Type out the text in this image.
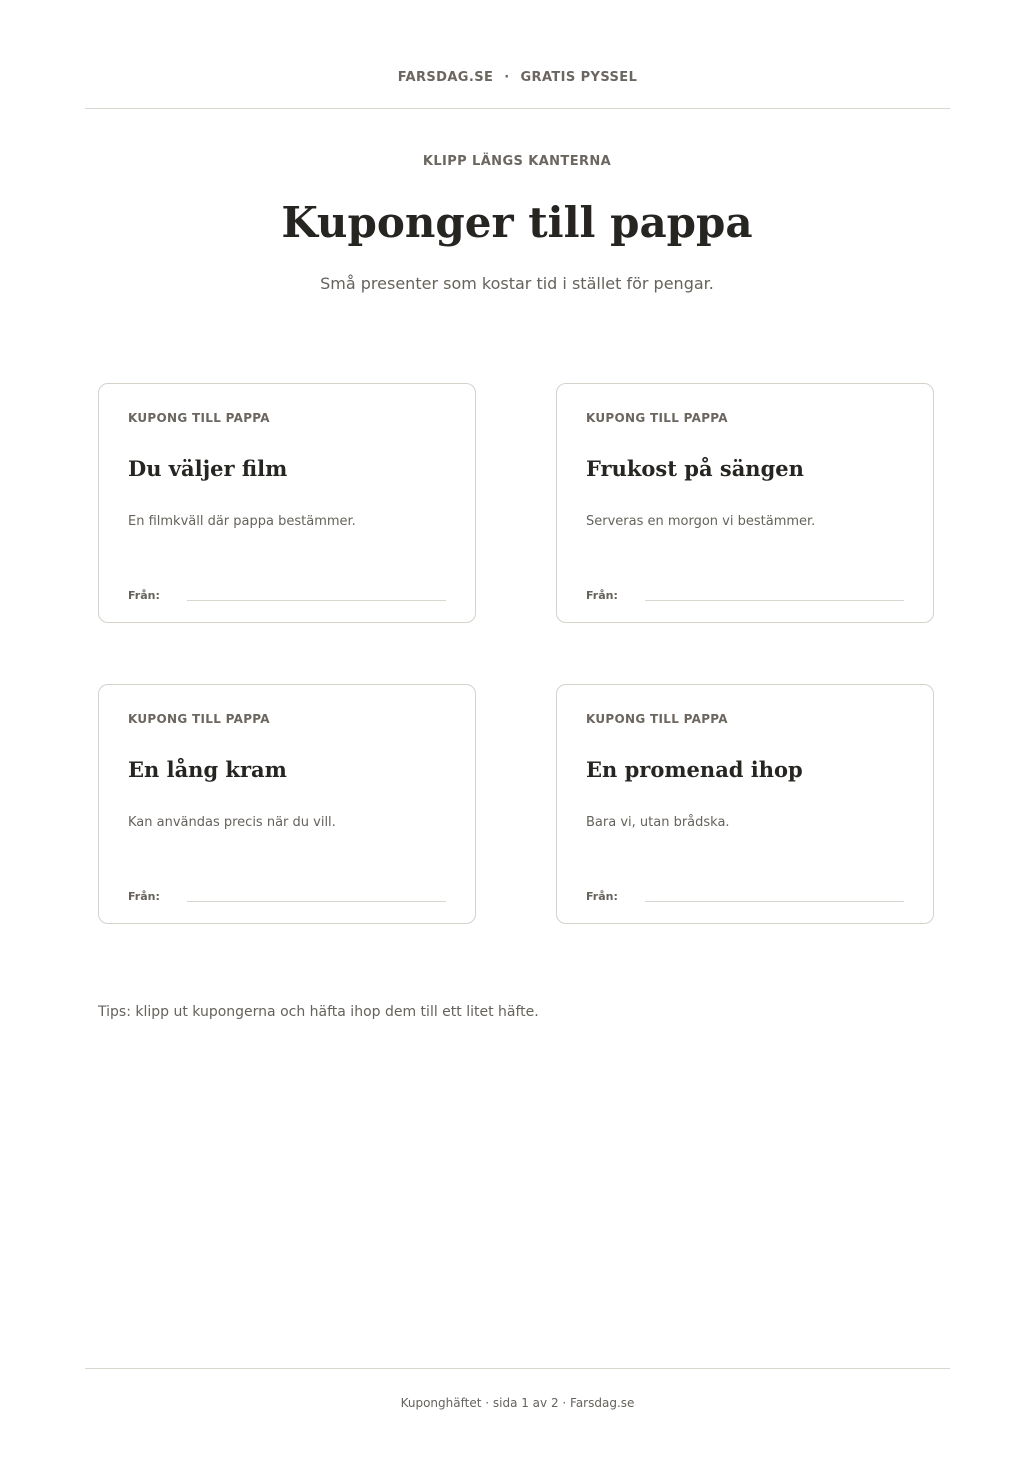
FARSDAG.SE · GRATIS PYSSEL
KLIPP LÄNGS KANTERNA
Kuponger till pappa
Små presenter som kostar tid i stället för pengar.
KUPONG TILL PAPPA
Du väljer film
En filmkväll där pappa bestämmer.
Från:
KUPONG TILL PAPPA
Frukost på sängen
Serveras en morgon vi bestämmer.
Från:
KUPONG TILL PAPPA
En lång kram
Kan användas precis när du vill.
Från:
KUPONG TILL PAPPA
En promenad ihop
Bara vi, utan brådska.
Från:
Tips: klipp ut kupongerna och häfta ihop dem till ett litet häfte.
Kuponghäftet · sida 1 av 2 · Farsdag.se
